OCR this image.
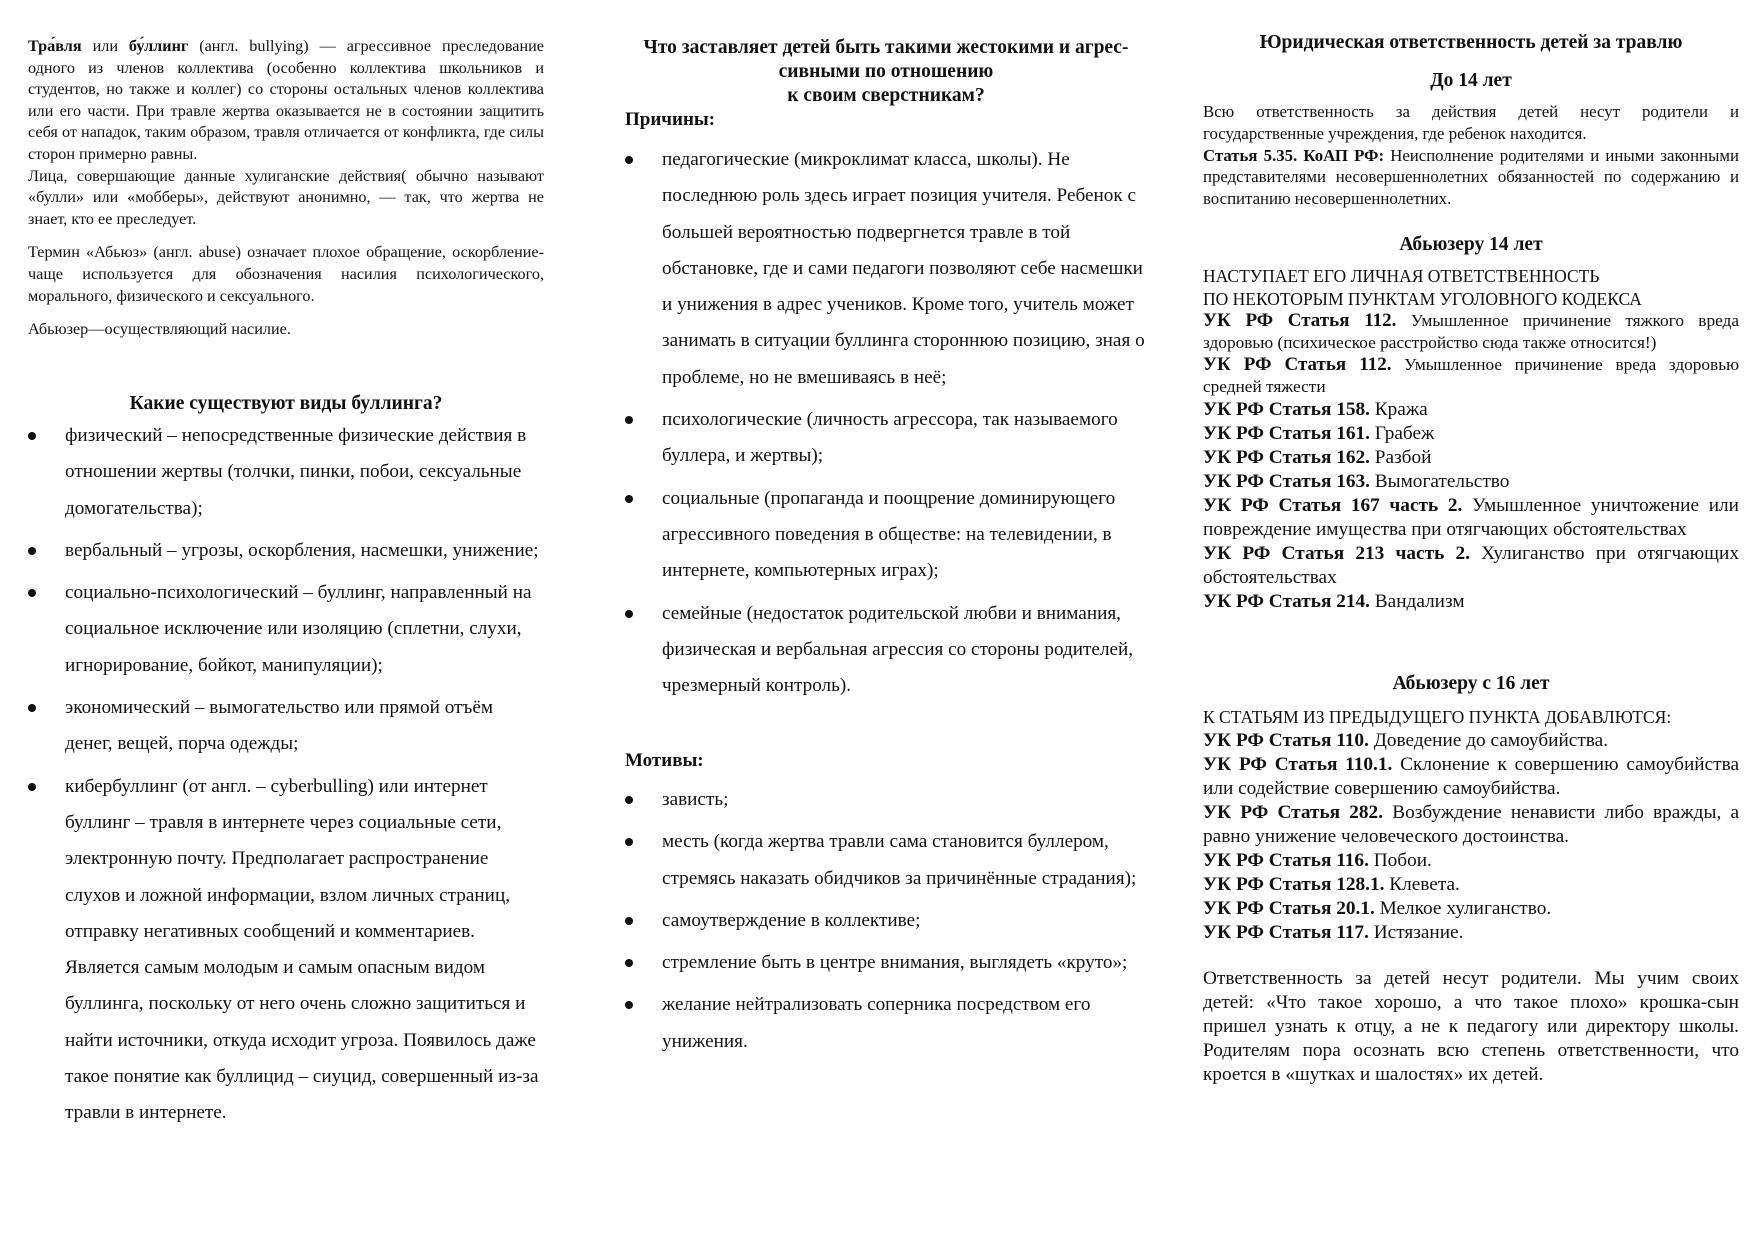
Тра́вля или бу́ллинг (англ. bullying) — агрессивное преследование одного из членов коллектива (особенно коллектива школьников и студентов, но также и коллег) со стороны остальных членов коллектива или его части. При травле жертва оказывается не в состоянии защитить себя от нападок, таким образом, травля отличается от конфликта, где силы сторон примерно равны.

Лица, совершающие данные хулиганские действия( обычно называют «булли» или «мобберы», действуют анонимно, — так, что жертва не знает, кто ее преследует.

Термин «Абьюз» (англ. abuse) означает плохое обращение, оскорбление-чаще используется для обозначения насилия психологического, морального, физического и сексуального.

Абьюзер—осуществляющий насилие.

Какие существуют виды буллинга?
физический – непосредственные физические действия в отношении жертвы (толчки, пинки, побои, сексуальные домогательства);
вербальный – угрозы, оскорбления, насмешки, унижение;
социально-психологический – буллинг, направленный на социальное исключение или изоляцию (сплетни, слухи, игнорирование, бойкот, манипуляции);
экономический – вымогательство или прямой отъём денег, вещей, порча одежды;
кибербуллинг (от англ. – cyberbulling) или интернет буллинг – травля в интернете через социальные сети, электронную почту. Предполагает распространение слухов и ложной информации, взлом личных страниц, отправку негативных сообщений и комментариев. Является самым молодым и самым опасным видом буллинга, поскольку от него очень сложно защититься и найти источники, откуда исходит угроза. Появилось даже такое понятие как буллицид – сиуцид, совершенный из-за травли в интернете.
Что заставляет детей быть такими жестокими и агрес-
сивными по отношению
к своим сверстникам?
Причины:
педагогические (микроклимат класса, школы). Не последнюю роль здесь играет позиция учителя. Ребенок с большей вероятностью подвергнется травле в той обстановке, где и сами педагоги позволяют себе насмешки и унижения в адрес учеников. Кроме того, учитель может занимать в ситуации буллинга стороннюю позицию, зная о проблеме, но не вмешиваясь в неё;
психологические (личность агрессора, так называемого буллера, и жертвы);
социальные (пропаганда и поощрение доминирующего агрессивного поведения в обществе: на телевидении, в интернете, компьютерных играх);
семейные (недостаток родительской любви и внимания, физическая и вербальная агрессия со стороны родителей, чрезмерный контроль).
Мотивы:
зависть;
месть (когда жертва травли сама становится буллером, стремясь наказать обидчиков за причинённые страдания);
самоутверждение в коллективе;
стремление быть в центре внимания, выглядеть «круто»;
желание нейтрализовать соперника посредством его унижения.
Юридическая ответственность детей за травлю
До 14 лет

Всю ответственность за действия детей несут родители и государственные учреждения, где ребенок находится.

Статья 5.35. КоАП РФ: Неисполнение родителями и иными законными представителями несовершеннолетних обязанностей по содержанию и воспитанию несовершеннолетних.

Абьюзеру 14 лет

НАСТУПАЕТ ЕГО ЛИЧНАЯ ОТВЕТСТВЕННОСТЬ

ПО НЕКОТОРЫМ ПУНКТАМ УГОЛОВНОГО КОДЕКСА

УК РФ Статья 112. Умышленное причинение тяжкого вреда здоровью (психическое расстройство сюда также относится!)

УК РФ Статья 112. Умышленное причинение вреда здоровью средней тяжести

УК РФ Статья 158. Кража

УК РФ Статья 161. Грабеж

УК РФ Статья 162. Разбой

УК РФ Статья 163. Вымогательство

УК РФ Статья 167 часть 2. Умышленное уничтожение или повреждение имущества при отягчающих обстоятельствах

УК РФ Статья 213 часть 2. Хулиганство при отягчающих обстоятельствах

УК РФ Статья 214. Вандализм

Абьюзеру с 16 лет

К СТАТЬЯМ ИЗ ПРЕДЫДУЩЕГО ПУНКТА ДОБАВЛЮТСЯ:

УК РФ Статья 110. Доведение до самоубийства.

УК РФ Статья 110.1. Склонение к совершению самоубийства или содействие совершению самоубийства.

УК РФ Статья 282. Возбуждение ненависти либо вражды, а равно унижение человеческого достоинства.

УК РФ Статья 116. Побои.

УК РФ Статья 128.1. Клевета.

УК РФ Статья 20.1. Мелкое хулиганство.

УК РФ Статья 117. Истязание.

Ответственность за детей несут родители. Мы учим своих детей: «Что такое хорошо, а что такое плохо» крошка-сын пришел узнать к отцу, а не к педагогу или директору школы. Родителям пора осознать всю степень ответственности, что кроется в «шутках и шалостях» их детей.
